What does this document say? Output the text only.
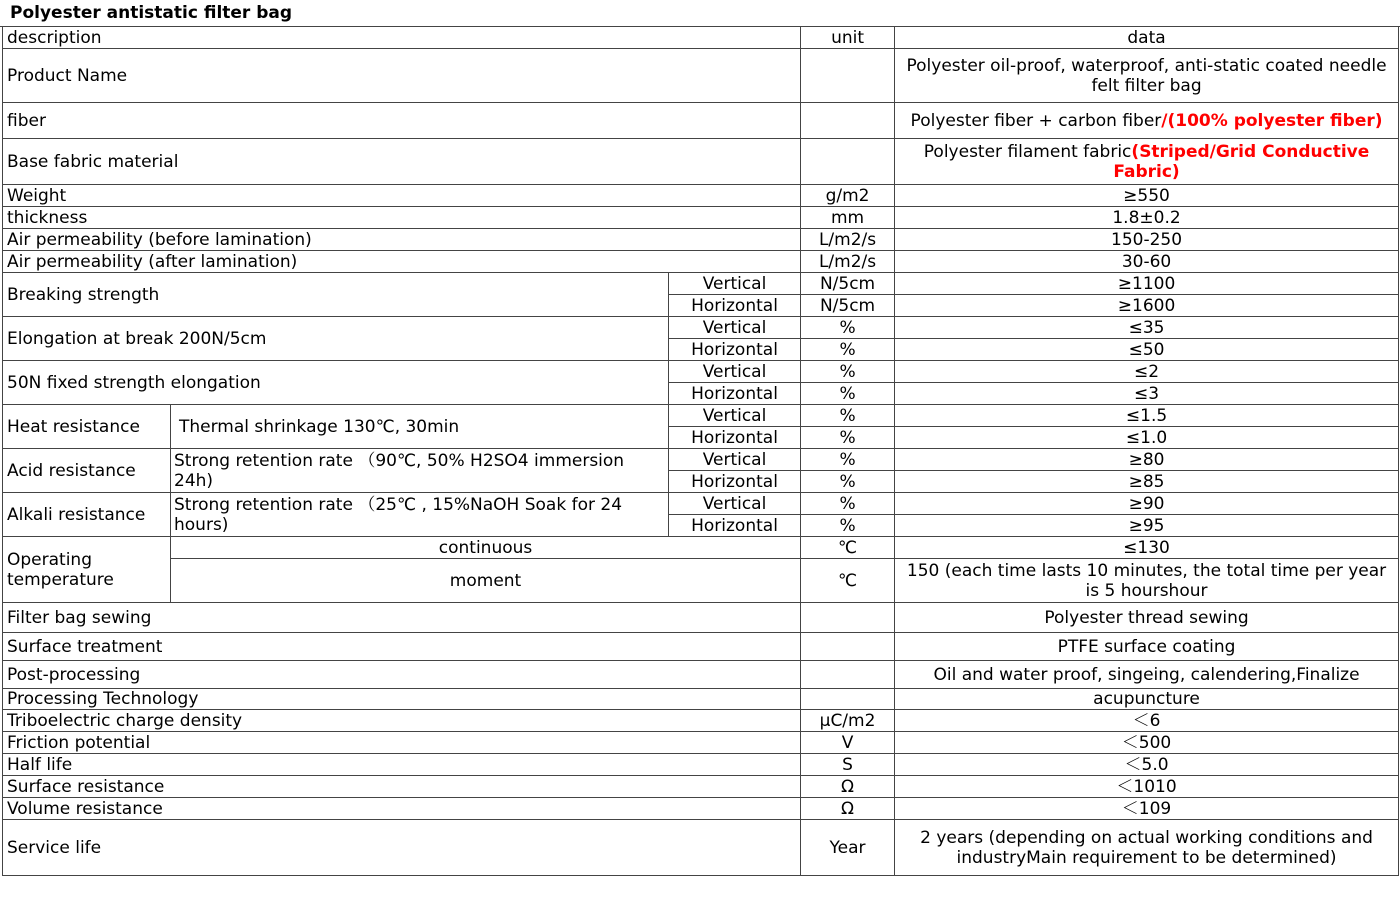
Polyester antistatic filter bag
description			unit	data
Product Name				Polyester oil-proof, waterproof, anti-static coated needle felt filter bag
fiber				Polyester fiber + carbon fiber/(100% polyester fiber)
Base fabric material				Polyester filament fabric(Striped/Grid Conductive Fabric)
Weight			g/m2	≥550
thickness			mm	1.8±0.2
Air permeability (before lamination)			L/m2/s	150-250
Air permeability (after lamination)			L/m2/s	30-60
Breaking strength		Vertical	N/5cm	≥1100
		Horizontal	N/5cm	≥1600
Elongation at break 200N/5cm		Vertical	%	≤35
		Horizontal	%	≤50
50N fixed strength elongation		Vertical	%	≤2
		Horizontal	%	≤3
Heat resistance	Thermal shrinkage 130℃, 30min	Vertical	%	≤1.5
		Horizontal	%	≤1.0
Acid resistance	Strong retention rate （90℃, 50% H2SO4 immersion 24h)	Vertical	%	≥80
		Horizontal	%	≥85
Alkali resistance	Strong retention rate （25℃ , 15%NaOH Soak for 24 hours)	Vertical	%	≥90
		Horizontal	%	≥95
Operating temperature	continuous		℃	≤130
	moment		℃	150 (each time lasts 10 minutes, the total time per year is 5 hourshour
Filter bag sewing				Polyester thread sewing
Surface treatment				PTFE surface coating
Post-processing				Oil and water proof, singeing, calendering,Finalize
Processing Technology				acupuncture
Triboelectric charge density			μC/m2	＜6
Friction potential			V	＜500
Half life			S	＜5.0
Surface resistance			Ω	＜1010
Volume resistance			Ω	＜109
Service life			Year	2 years (depending on actual working conditions and industryMain requirement to be determined)
